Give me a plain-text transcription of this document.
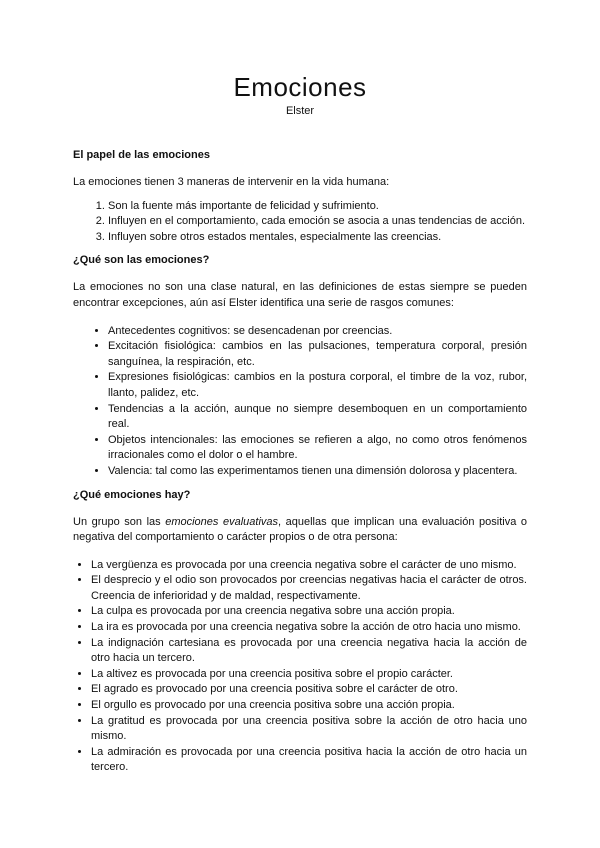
Emociones
Elster
El papel de las emociones

La emociones tienen 3 maneras de intervenir en la vida humana:

1. Son la fuente más importante de felicidad y sufrimiento.
2. Influyen en el comportamiento, cada emoción se asocia a unas tendencias de acción.
3. Influyen sobre otros estados mentales, especialmente las creencias.
¿Qué son las emociones?

La emociones no son una clase natural, en las definiciones de estas siempre se pueden encontrar excepciones, aún así Elster identifica una serie de rasgos comunes:

• Antecedentes cognitivos: se desencadenan por creencias.
• Excitación fisiológica: cambios en las pulsaciones, temperatura corporal, presión sanguínea, la respiración, etc.
• Expresiones fisiológicas: cambios en la postura corporal, el timbre de la voz, rubor, llanto, palidez, etc.
• Tendencias a la acción, aunque no siempre desemboquen en un comportamiento real.
• Objetos intencionales: las emociones se refieren a algo, no como otros fenómenos irracionales como el dolor o el hambre.
• Valencia: tal como las experimentamos tienen una dimensión dolorosa y placentera.
¿Qué emociones hay?

Un grupo son las emociones evaluativas, aquellas que implican una evaluación positiva o negativa del comportamiento o carácter propios o de otra persona:

• La vergüenza es provocada por una creencia negativa sobre el carácter de uno mismo.
• El desprecio y el odio son provocados por creencias negativas hacia el carácter de otros. Creencia de inferioridad y de maldad, respectivamente.
• La culpa es provocada por una creencia negativa sobre una acción propia.
• La ira es provocada por una creencia negativa sobre la acción de otro hacia uno mismo.
• La indignación cartesiana es provocada por una creencia negativa hacia la acción de otro hacia un tercero.
• La altivez es provocada por una creencia positiva sobre el propio carácter.
• El agrado es provocado por una creencia positiva sobre el carácter de otro.
• El orgullo es provocado por una creencia positiva sobre una acción propia.
• La gratitud es provocada por una creencia positiva sobre la acción de otro hacia uno mismo.
• La admiración es provocada por una creencia positiva hacia la acción de otro hacia un tercero.
